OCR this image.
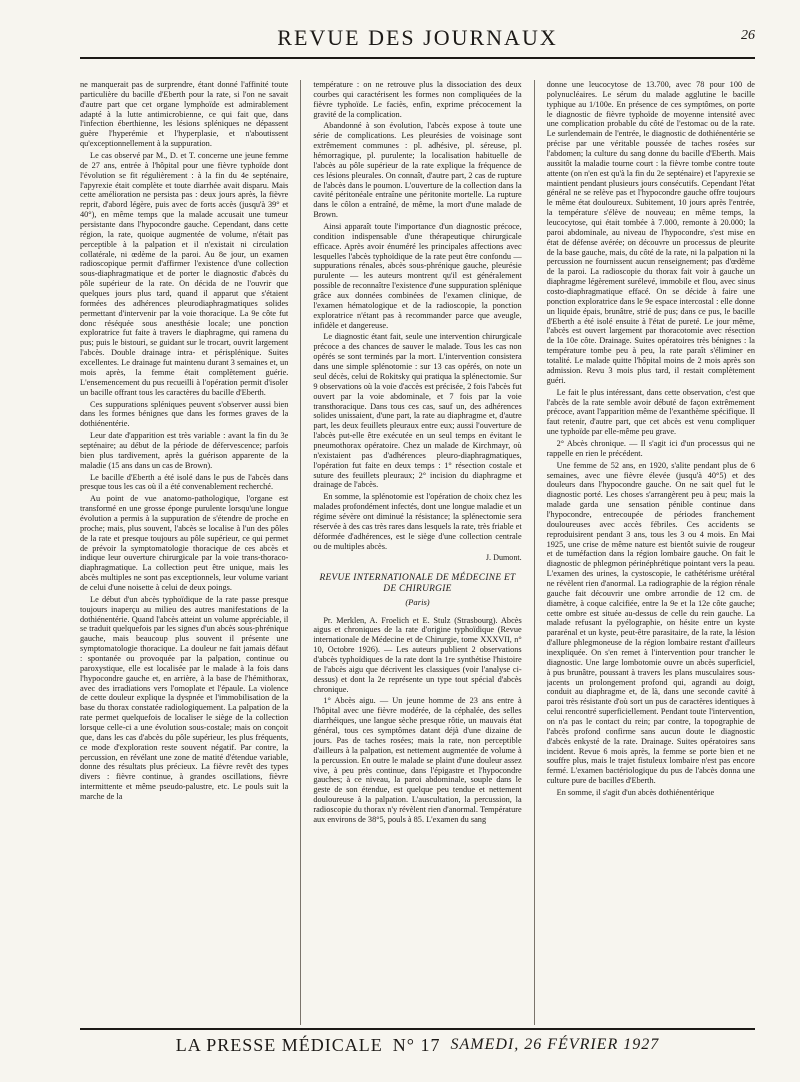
REVUE DES JOURNAUX	26

ne manquerait pas de surprendre, étant donné l'affinité toute particulière du bacille d'Eberth pour la rate, si l'on ne savait d'autre part que cet organe lymphoïde est admirablement adapté à la lutte antimicrobienne, ce qui fait que, dans l'infection éberthienne, les lésions spléniques ne dépassent guère l'hyperémie et l'hyperplasie, et n'aboutissent qu'exceptionnellement à la suppuration.

Le cas observé par M., D. et T. concerne une jeune femme de 27 ans, entrée à l'hôpital pour une fièvre typhoïde dont l'évolution se fit régulièrement : à la fin du 4e septénaire, l'apyrexie était complète et toute diarrhée avait disparu. Mais cette amélioration ne persista pas : deux jours après, la fièvre reprit, d'abord légère, puis avec de forts accès (jusqu'à 39° et 40°), en même temps que la malade accusait une tumeur persistante dans l'hypocondre gauche. Cependant, dans cette région, la rate, quoique augmentée de volume, n'était pas perceptible à la palpation et il n'existait ni circulation collatérale, ni œdème de la paroi. Au 8e jour, un examen radioscopique permit d'affirmer l'existence d'une collection sous-diaphragmatique et de porter le diagnostic d'abcès du pôle supérieur de la rate. On décida de ne l'ouvrir que quelques jours plus tard, quand il apparut que s'étaient formées des adhérences pleurodiaphragmatiques solides permettant d'intervenir par la voie thoracique. La 9e côte fut donc réséquée sous anesthésie locale; une ponction exploratrice fut faite à travers le diaphragme, qui ramena du pus; puis le bistouri, se guidant sur le trocart, ouvrit largement l'abcès. Double drainage intra- et périsplénique. Suites excellentes. Le drainage fut maintenu durant 3 semaines et, un mois après, la femme était complètement guérie. L'ensemencement du pus recueilli à l'opération permit d'isoler un bacille offrant tous les caractères du bacille d'Eberth.

Ces suppurations spléniques peuvent s'observer aussi bien dans les formes bénignes que dans les formes graves de la dothiénentérie.

Leur date d'apparition est très variable : avant la fin du 3e septénaire; au début de la période de défervescence; parfois bien plus tardivement, après la guérison apparente de la maladie (15 ans dans un cas de Brown).

Le bacille d'Eberth a été isolé dans le pus de l'abcès dans presque tous les cas où il a été convenablement recherché.

Au point de vue anatomo-pathologique, l'organe est transformé en une grosse éponge purulente lorsqu'une longue évolution a permis à la suppuration de s'étendre de proche en proche; mais, plus souvent, l'abcès se localise à l'un des pôles de la rate et presque toujours au pôle supérieur, ce qui permet de prévoir la symptomatologie thoracique de ces abcès et indique leur ouverture chirurgicale par la voie trans-thoraco-diaphragmatique. La collection peut être unique, mais les abcès multiples ne sont pas exceptionnels, leur volume variant de celui d'une noisette à celui de deux poings.

Le début d'un abcès typhoïdique de la rate passe presque toujours inaperçu au milieu des autres manifestations de la dothiénentérie. Quand l'abcès atteint un volume appréciable, il se traduit quelquefois par les signes d'un abcès sous-phrénique gauche, mais beaucoup plus souvent il présente une symptomatologie thoracique. La douleur ne fait jamais défaut : spontanée ou provoquée par la palpation, continue ou paroxystique, elle est localisée par le malade à la fois dans l'hypocondre gauche et, en arrière, à la base de l'hémithorax, avec des irradiations vers l'omoplate et l'épaule. La violence de cette douleur explique la dyspnée et l'immobilisation de la base du thorax constatée radiologiquement. La palpation de la rate permet quelquefois de localiser le siège de la collection lorsque celle-ci a une évolution sous-costale; mais on conçoit que, dans les cas d'abcès du pôle supérieur, les plus fréquents, ce mode d'exploration reste souvent négatif. Par contre, la percussion, en révélant une zone de matité d'étendue variable, donne des résultats plus précieux. La fièvre revêt des types divers : fièvre continue, à grandes oscillations, fièvre intermittente et même pseudo-palustre, etc. Le pouls suit la marche de la

température : on ne retrouve plus la dissociation des deux courbes qui caractérisent les formes non compliquées de la fièvre typhoïde. Le faciès, enfin, exprime précocement la gravité de la complication.

Abandonné à son évolution, l'abcès expose à toute une série de complications. Les pleurésies de voisinage sont extrêmement communes : pl. adhésive, pl. séreuse, pl. hémorragique, pl. purulente; la localisation habituelle de l'abcès au pôle supérieur de la rate explique la fréquence de ces lésions pleurales. On connaît, d'autre part, 2 cas de rupture de l'abcès dans le poumon. L'ouverture de la collection dans la cavité péritonéale entraîne une péritonite mortelle. La rupture dans le côlon a entraîné, de même, la mort d'une malade de Brown.

Ainsi apparaît toute l'importance d'un diagnostic précoce, condition indispensable d'une thérapeutique chirurgicale efficace. Après avoir énuméré les principales affections avec lesquelles l'abcès typhoïdique de la rate peut être confondu — suppurations rénales, abcès sous-phrénique gauche, pleurésie purulente — les auteurs montrent qu'il est généralement possible de reconnaître l'existence d'une suppuration splénique grâce aux données combinées de l'examen clinique, de l'examen hématologique et de la radioscopie, la ponction exploratrice n'étant pas à recommander parce que aveugle, infidèle et dangereuse.

Le diagnostic étant fait, seule une intervention chirurgicale précoce a des chances de sauver le malade. Tous les cas non opérés se sont terminés par la mort. L'intervention consistera dans une simple splénotomie : sur 13 cas opérés, on note un seul décès, celui de Rokitsky qui pratiqua la splénectomie. Sur 9 observations où la voie d'accès est précisée, 2 fois l'abcès fut ouvert par la voie abdominale, et 7 fois par la voie transthoracique. Dans tous ces cas, sauf un, des adhérences solides unissaient, d'une part, la rate au diaphragme et, d'autre part, les deux feuillets pleuraux entre eux; aussi l'ouverture de l'abcès put-elle être exécutée en un seul temps en évitant le pneumothorax opératoire. Chez un malade de Kirchmayr, où n'existaient pas d'adhérences pleuro-diaphragmatiques, l'opération fut faite en deux temps : 1° résection costale et suture des feuillets pleuraux; 2° incision du diaphragme et drainage de l'abcès.

En somme, la splénotomie est l'opération de choix chez les malades profondément infectés, dont une longue maladie et un régime sévère ont diminué la résistance; la splénectomie sera réservée à des cas très rares dans lesquels la rate, très friable et déformée d'adhérences, est le siège d'une collection centrale ou de multiples abcès.

J. Dumont.
REVUE INTERNATIONALE DE MÉDECINE ET DE CHIRURGIE
(Paris)

Pr. Merklen, A. Froelich et E. Stulz (Strasbourg). Abcès aigus et chroniques de la rate d'origine typhoïdique (Revue internationale de Médecine et de Chirurgie, tome XXXVII, n° 10, Octobre 1926). — Les auteurs publient 2 observations d'abcès typhoïdiques de la rate dont la 1re synthétise l'histoire de l'abcès aigu que décrivent les classiques (voir l'analyse ci-dessus) et dont la 2e représente un type tout spécial d'abcès chronique.

1° Abcès aigu. — Un jeune homme de 23 ans entre à l'hôpital avec une fièvre modérée, de la céphalée, des selles diarrhéiques, une langue sèche presque rôtie, un mauvais état général, tous ces symptômes datant déjà d'une dizaine de jours. Pas de taches rosées; mais la rate, non perceptible d'ailleurs à la palpation, est nettement augmentée de volume à la percussion. En outre le malade se plaint d'une douleur assez vive, à peu près continue, dans l'épigastre et l'hypocondre gauches; à ce niveau, la paroi abdominale, souple dans le geste de son étendue, est quelque peu tendue et nettement douloureuse à la palpation. L'auscultation, la percussion, la radioscopie du thorax n'y révèlent rien d'anormal. Température aux environs de 38°5, pouls à 85. L'examen du sang

donne une leucocytose de 13.700, avec 78 pour 100 de polynucléaires. Le sérum du malade agglutine le bacille typhique au 1/100e. En présence de ces symptômes, on porte le diagnostic de fièvre typhoïde de moyenne intensité avec une complication probable du côté de l'estomac ou de la rate. Le surlendemain de l'entrée, le diagnostic de dothiénentérie se précise par une véritable poussée de taches rosées sur l'abdomen; la culture du sang donne du bacille d'Eberth. Mais aussitôt la maladie tourne court : la fièvre tombe contre toute attente (on n'en est qu'à la fin du 2e septénaire) et l'apyrexie se maintient pendant plusieurs jours consécutifs. Cependant l'état général ne se relève pas et l'hypocondre gauche offre toujours le même état douloureux. Subitement, 10 jours après l'entrée, la température s'élève de nouveau; en même temps, la leucocytose, qui était tombée à 7.000, remonte à 20.000; la paroi abdominale, au niveau de l'hypocondre, s'est mise en état de défense avérée; on découvre un processus de pleurite de la base gauche, mais, du côté de la rate, ni la palpation ni la percussion ne fournissent aucun renseignement; pas d'œdème de la paroi. La radioscopie du thorax fait voir à gauche un diaphragme légèrement surélevé, immobile et flou, avec sinus costo-diaphragmatique effacé. On se décide à faire une ponction exploratrice dans le 9e espace intercostal : elle donne un liquide épais, brunâtre, strié de pus; dans ce pus, le bacille d'Eberth a été isolé ensuite à l'état de pureté. Le jour même, l'abcès est ouvert largement par thoracotomie avec résection de la 10e côte. Drainage. Suites opératoires très bénignes : la température tombe peu à peu, la rate paraît s'éliminer en totalité. Le malade quitte l'hôpital moins de 2 mois après son admission. Revu 3 mois plus tard, il restait complètement guéri.

Le fait le plus intéressant, dans cette observation, c'est que l'abcès de la rate semble avoir débuté de façon extrêmement précoce, avant l'apparition même de l'exanthème spécifique. Il faut retenir, d'autre part, que cet abcès est venu compliquer une typhoïde par elle-même peu grave.

2° Abcès chronique. — Il s'agit ici d'un processus qui ne rappelle en rien le précédent.

Une femme de 52 ans, en 1920, s'alite pendant plus de 6 semaines, avec une fièvre élevée (jusqu'à 40°5) et des douleurs dans l'hypocondre gauche. On ne sait quel fut le diagnostic porté. Les choses s'arrangèrent peu à peu; mais la malade garda une sensation pénible continue dans l'hypocondre, entrecoupée de périodes franchement douloureuses avec accès fébriles. Ces accidents se reproduisirent pendant 3 ans, tous les 3 ou 4 mois. En Mai 1925, une crise de même nature est bientôt suivie de rougeur et de tuméfaction dans la région lombaire gauche. On fait le diagnostic de phlegmon périnéphrétique pointant vers la peau. L'examen des urines, la cystoscopie, le cathétérisme urétéral ne révèlent rien d'anormal. La radiographie de la région rénale gauche fait découvrir une ombre arrondie de 12 cm. de diamètre, à coque calcifiée, entre la 9e et la 12e côte gauche; cette ombre est située au-dessus de celle du rein gauche. La malade refusant la pyélographie, on hésite entre un kyste pararénal et un kyste, peut-être parasitaire, de la rate, la lésion d'allure phlegmoneuse de la région lombaire restant d'ailleurs inexpliquée. On s'en remet à l'intervention pour trancher le diagnostic. Une large lombotomie ouvre un abcès superficiel, à pus brunâtre, poussant à travers les plans musculaires sous-jacents un prolongement profond qui, agrandi au doigt, conduit au diaphragme et, de là, dans une seconde cavité à paroi très résistante d'où sort un pus de caractères identiques à celui rencontré superficiellement. Pendant toute l'intervention, on n'a pas le contact du rein; par contre, la topographie de l'abcès profond confirme sans aucun doute le diagnostic d'abcès enkysté de la rate. Drainage. Suites opératoires sans incident. Revue 6 mois après, la femme se porte bien et ne souffre plus, mais le trajet fistuleux lombaire n'est pas encore fermé. L'examen bactériologique du pus de l'abcès donna une culture pure de bacilles d'Eberth.

En somme, il s'agit d'un abcès dothiénentérique

LA PRESSE MÉDICALE N° 17 SAMEDI, 26 FÉVRIER 1927
